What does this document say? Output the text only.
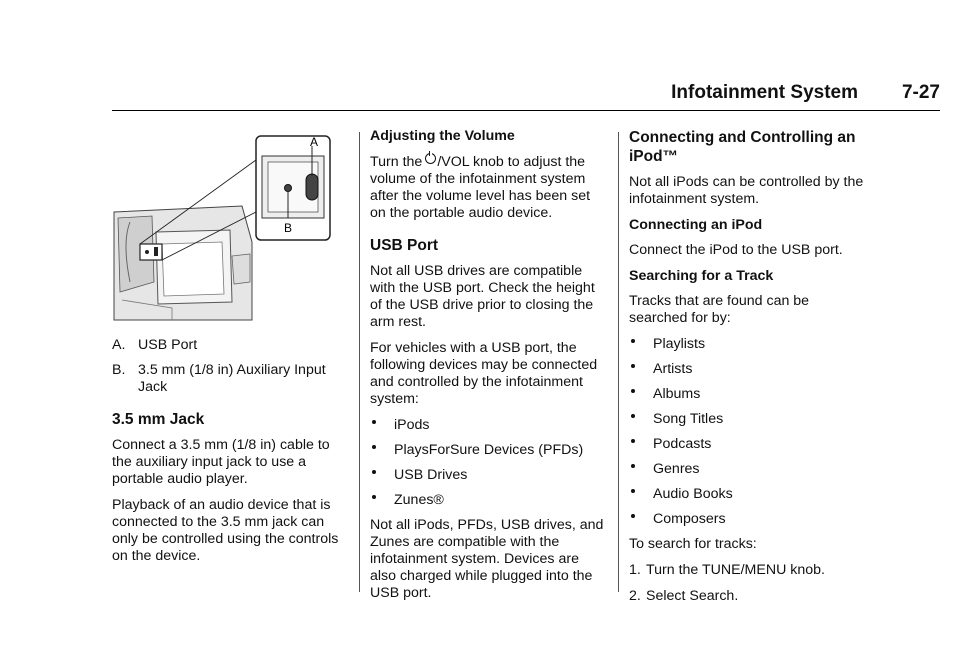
Infotainment System 7-27
A
B
A. USB Port
B. 3.5 mm (1/8 in) Auxiliary Input Jack
3.5 mm Jack

Connect a 3.5 mm (1/8 in) cable to the auxiliary input jack to use a portable audio player.

Playback of an audio device that is connected to the 3.5 mm jack can only be controlled using the controls on the device.

Adjusting the Volume

Turn the /VOL knob to adjust the volume of the infotainment system after the volume level has been set on the portable audio device.

USB Port

Not all USB drives are compatible with the USB port. Check the height of the USB drive prior to closing the arm rest.

For vehicles with a USB port, the following devices may be connected and controlled by the infotainment system:

iPods
PlaysForSure Devices (PFDs)
USB Drives
Zunes®

Not all iPods, PFDs, USB drives, and Zunes are compatible with the infotainment system. Devices are also charged while plugged into the USB port.

Connecting and Controlling an iPod™

Not all iPods can be controlled by the infotainment system.

Connecting an iPod

Connect the iPod to the USB port.

Searching for a Track

Tracks that are found can be searched for by:

Playlists
Artists
Albums
Song Titles
Podcasts
Genres
Audio Books
Composers

To search for tracks:

1. Turn the TUNE/MENU knob.
2. Select Search.
